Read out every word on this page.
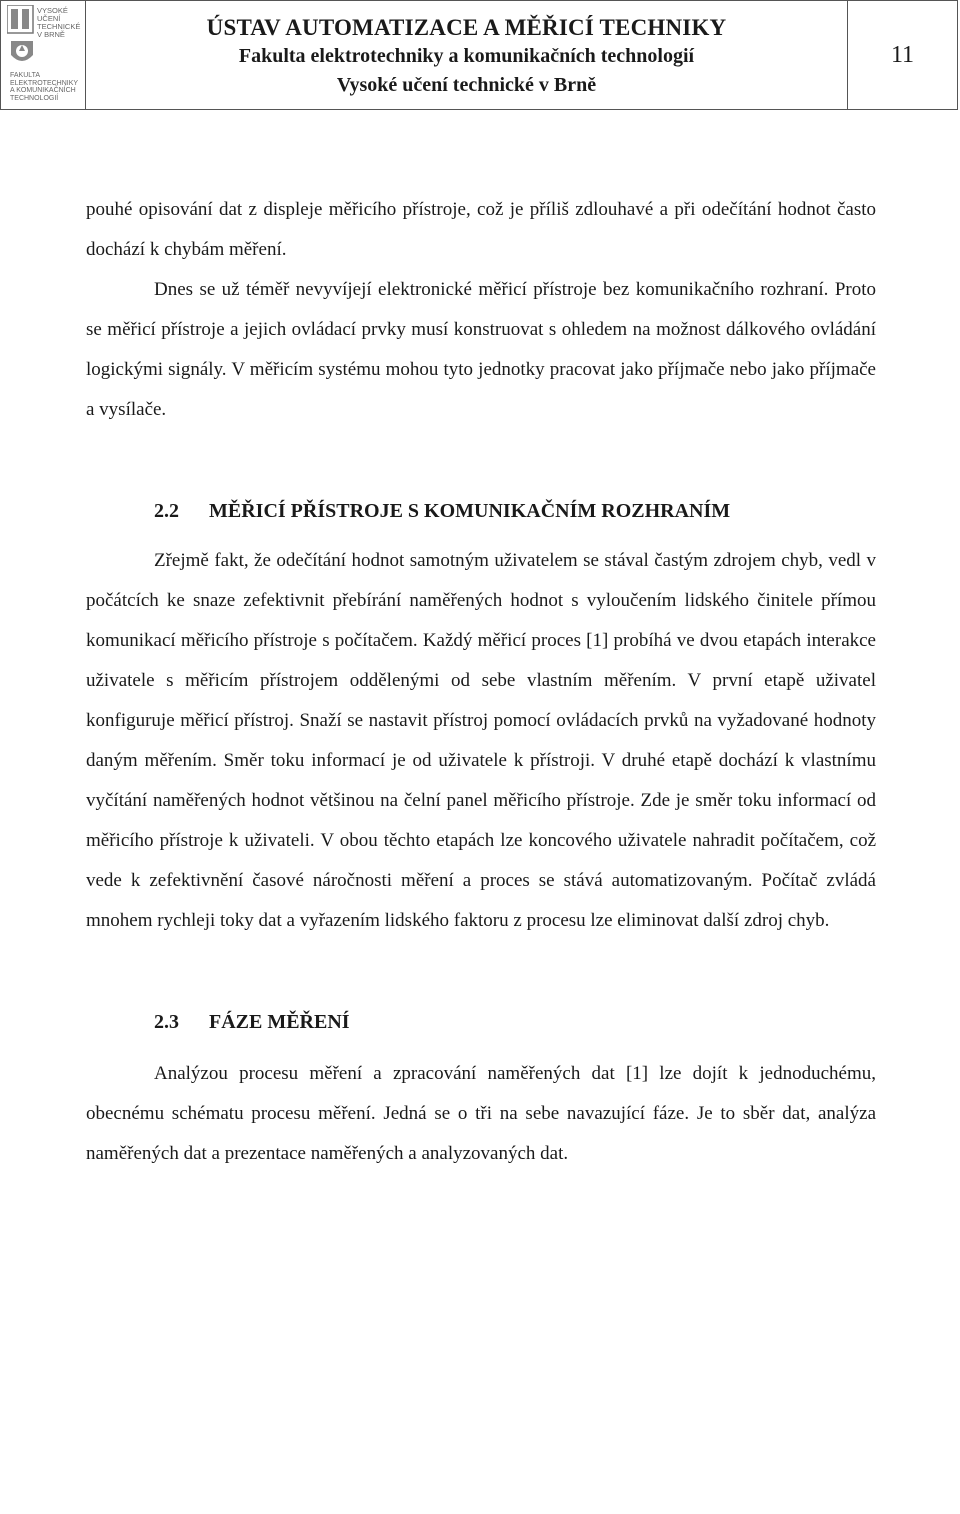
VYSOKÉ UČENÍ TECHNICKÉ V BRNĚ
FAKULTA ELEKTROTECHNIKY A KOMUNIKAČNÍCH TECHNOLOGIÍ
ÚSTAV AUTOMATIZACE A MĚŘICÍ TECHNIKY
Fakulta elektrotechniky a komunikačních technologií
Vysoké učení technické v Brně
11

pouhé opisování dat z displeje měřicího přístroje, což je příliš zdlouhavé a při odečítání hodnot často dochází k chybám měření.

Dnes se už téměř nevyvíjejí elektronické měřicí přístroje bez komunikačního rozhraní. Proto se měřicí přístroje a jejich ovládací prvky musí konstruovat s ohledem na možnost dálkového ovládání logickými signály. V měřicím systému mohou tyto jednotky pracovat jako příjmače nebo jako příjmače a vysílače.

2.2	MĚŘICÍ PŘÍSTROJE S KOMUNIKAČNÍM ROZHRANÍM

Zřejmě fakt, že odečítání hodnot samotným uživatelem se stával častým zdrojem chyb, vedl v počátcích ke snaze zefektivnit přebírání naměřených hodnot s vyloučením lidského činitele přímou komunikací měřicího přístroje s počítačem. Každý měřicí proces [1] probíhá ve dvou etapách interakce uživatele s měřicím přístrojem oddělenými od sebe vlastním měřením. V první etapě uživatel konfiguruje měřicí přístroj. Snaží se nastavit přístroj pomocí ovládacích prvků na vyžadované hodnoty daným měřením. Směr toku informací je od uživatele k přístroji. V druhé etapě dochází k vlastnímu vyčítání naměřených hodnot většinou na čelní panel měřicího přístroje. Zde je směr toku informací od měřicího přístroje k uživateli. V obou těchto etapách lze koncového uživatele nahradit počítačem, což vede k zefektivnění časové náročnosti měření a proces se stává automatizovaným. Počítač zvládá mnohem rychleji toky dat a vyřazením lidského faktoru z procesu lze eliminovat další zdroj chyb.

2.3	FÁZE MĚŘENÍ

Analýzou procesu měření a zpracování naměřených dat [1] lze dojít k jednoduchému, obecnému schématu procesu měření. Jedná se o tři na sebe navazující fáze. Je to sběr dat, analýza naměřených dat a prezentace naměřených a analyzovaných dat.
